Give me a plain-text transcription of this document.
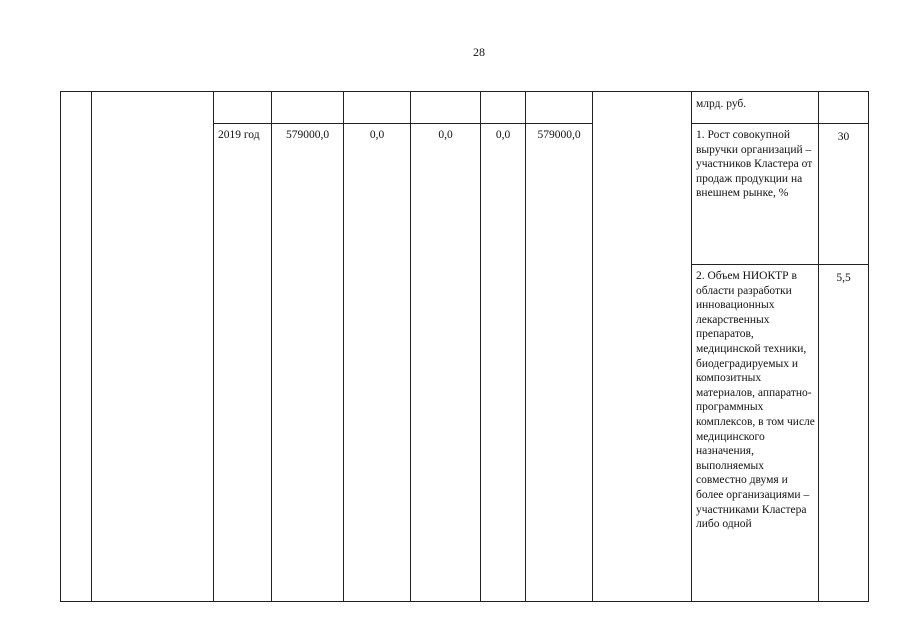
28
									млрд. руб.	
		2019 год	579000,0	0,0	0,0	0,0	579000,0		1. Рост совокупной выручки организаций – участников Кластера от продаж продукции на внешнем рынке, %	30
									2. Объем НИОКТР в области разработки инновационных лекарственных препаратов, медицинской техники, биодеградируемых и композитных материалов, аппаратно-программных комплексов, в том числе медицинского назначения, выполняемых совместно двумя и более организациями – участниками Кластера либо одной	5,5
